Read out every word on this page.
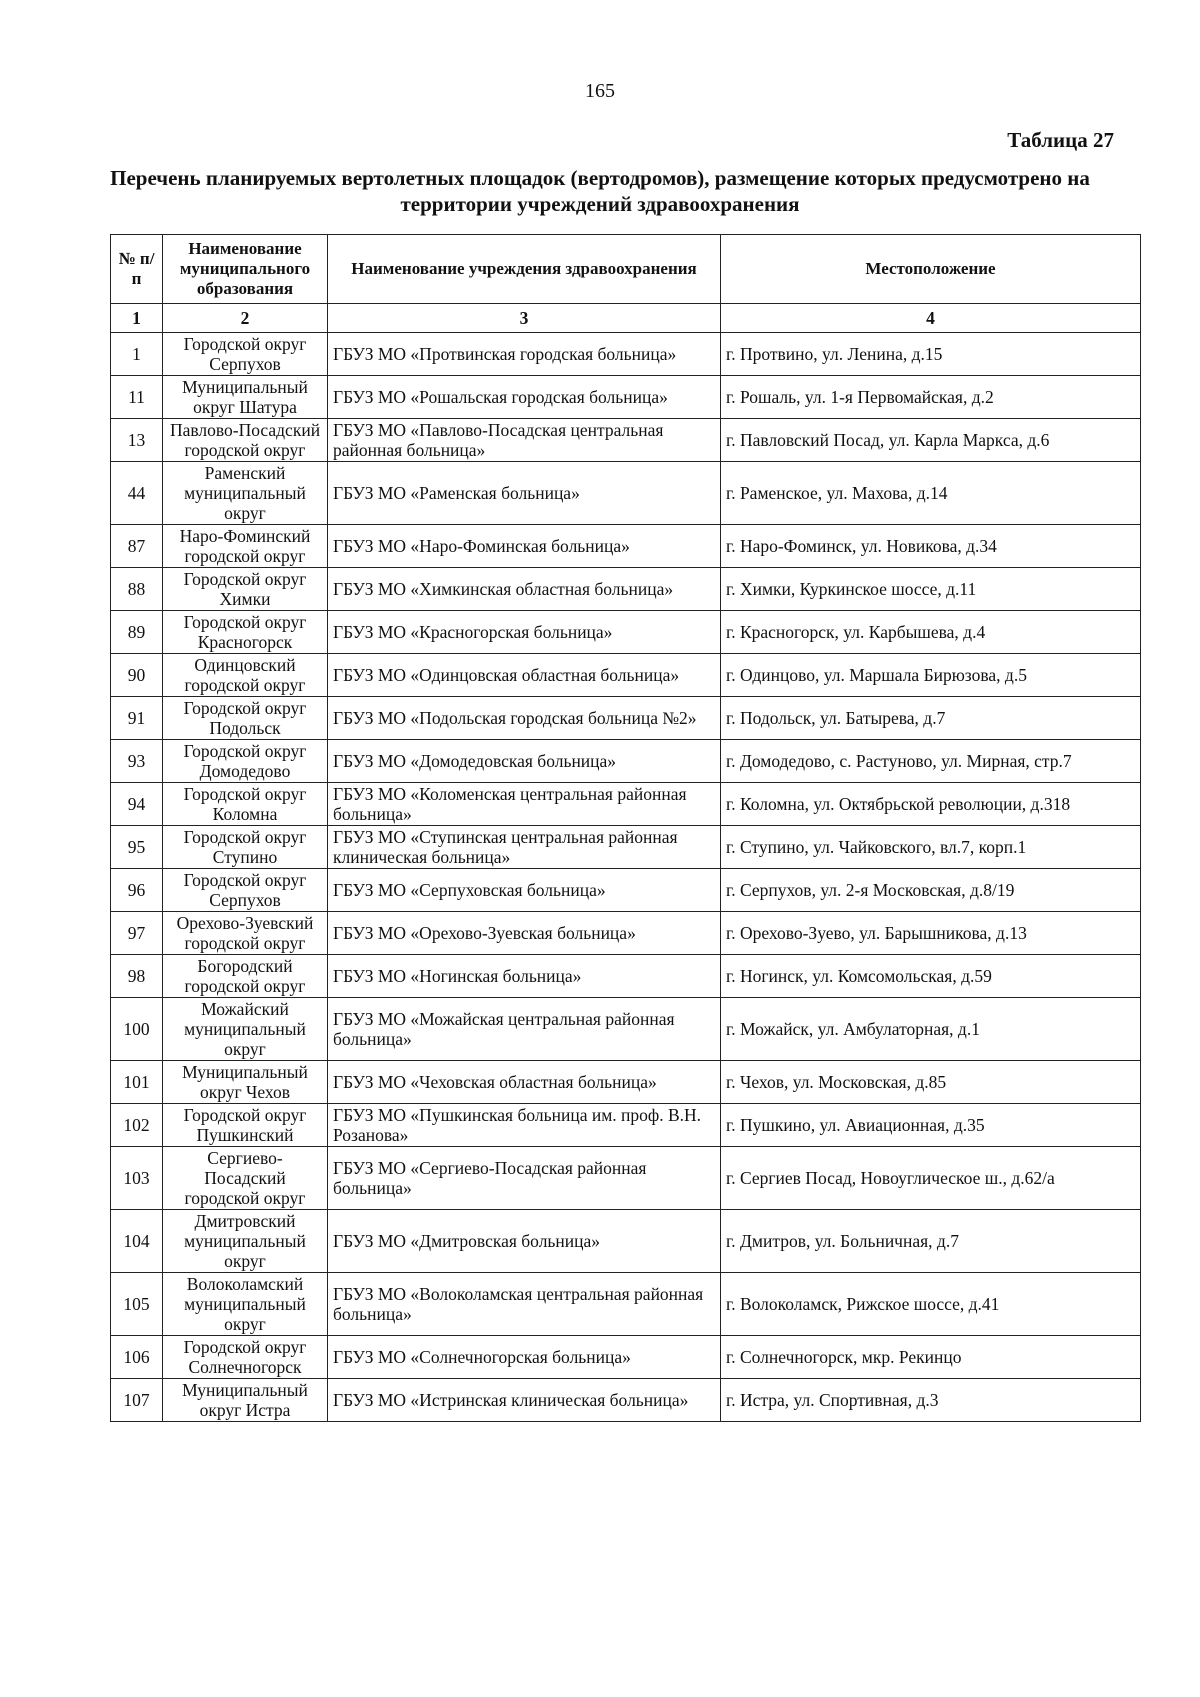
165
Таблица 27
Перечень планируемых вертолетных площадок (вертодромов), размещение которых предусмотрено на территории учреждений здравоохранения
№ п/п	Наименование муниципального образования	Наименование учреждения здравоохранения	Местоположение
1	2	3	4
1	Городской округ Серпухов	ГБУЗ МО «Протвинская городская больница»	г. Протвино, ул. Ленина, д.15
11	Муниципальный округ Шатура	ГБУЗ МО «Рошальская городская больница»	г. Рошаль, ул. 1-я Первомайская, д.2
13	Павлово-Посадский городской округ	ГБУЗ МО «Павлово-Посадская центральная районная больница»	г. Павловский Посад, ул. Карла Маркса, д.6
44	Раменский муниципальный округ	ГБУЗ МО «Раменская больница»	г. Раменское, ул. Махова, д.14
87	Наро-Фоминский городской округ	ГБУЗ МО «Наро-Фоминская больница»	г. Наро-Фоминск, ул. Новикова, д.34
88	Городской округ Химки	ГБУЗ МО «Химкинская областная больница»	г. Химки, Куркинское шоссе, д.11
89	Городской округ Красногорск	ГБУЗ МО «Красногорская больница»	г. Красногорск, ул. Карбышева, д.4
90	Одинцовский городской округ	ГБУЗ МО «Одинцовская областная больница»	г. Одинцово, ул. Маршала Бирюзова, д.5
91	Городской округ Подольск	ГБУЗ МО «Подольская городская больница №2»	г. Подольск, ул. Батырева, д.7
93	Городской округ Домодедово	ГБУЗ МО «Домодедовская больница»	г. Домодедово, с. Растуново, ул. Мирная, стр.7
94	Городской округ Коломна	ГБУЗ МО «Коломенская центральная районная больница»	г. Коломна, ул. Октябрьской революции, д.318
95	Городской округ Ступино	ГБУЗ МО «Ступинская центральная районная клиническая больница»	г. Ступино, ул. Чайковского, вл.7, корп.1
96	Городской округ Серпухов	ГБУЗ МО «Серпуховская больница»	г. Серпухов, ул. 2-я Московская, д.8/19
97	Орехово-Зуевский городской округ	ГБУЗ МО «Орехово-Зуевская больница»	г. Орехово-Зуево, ул. Барышникова, д.13
98	Богородский городской округ	ГБУЗ МО «Ногинская больница»	г. Ногинск, ул. Комсомольская, д.59
100	Можайский муниципальный округ	ГБУЗ МО «Можайская центральная районная больница»	г. Можайск, ул. Амбулаторная, д.1
101	Муниципальный округ Чехов	ГБУЗ МО «Чеховская областная больница»	г. Чехов, ул. Московская, д.85
102	Городской округ Пушкинский	ГБУЗ МО «Пушкинская больница им. проф. В.Н. Розанова»	г. Пушкино, ул. Авиационная, д.35
103	Сергиево-Посадский городской округ	ГБУЗ МО «Сергиево-Посадская районная больница»	г. Сергиев Посад, Новоуглическое ш., д.62/а
104	Дмитровский муниципальный округ	ГБУЗ МО «Дмитровская больница»	г. Дмитров, ул. Больничная, д.7
105	Волоколамский муниципальный округ	ГБУЗ МО «Волоколамская центральная районная больница»	г. Волоколамск, Рижское шоссе, д.41
106	Городской округ Солнечногорск	ГБУЗ МО «Солнечногорская больница»	г. Солнечногорск, мкр. Рекинцо
107	Муниципальный округ Истра	ГБУЗ МО «Истринская клиническая больница»	г. Истра, ул. Спортивная, д.3
